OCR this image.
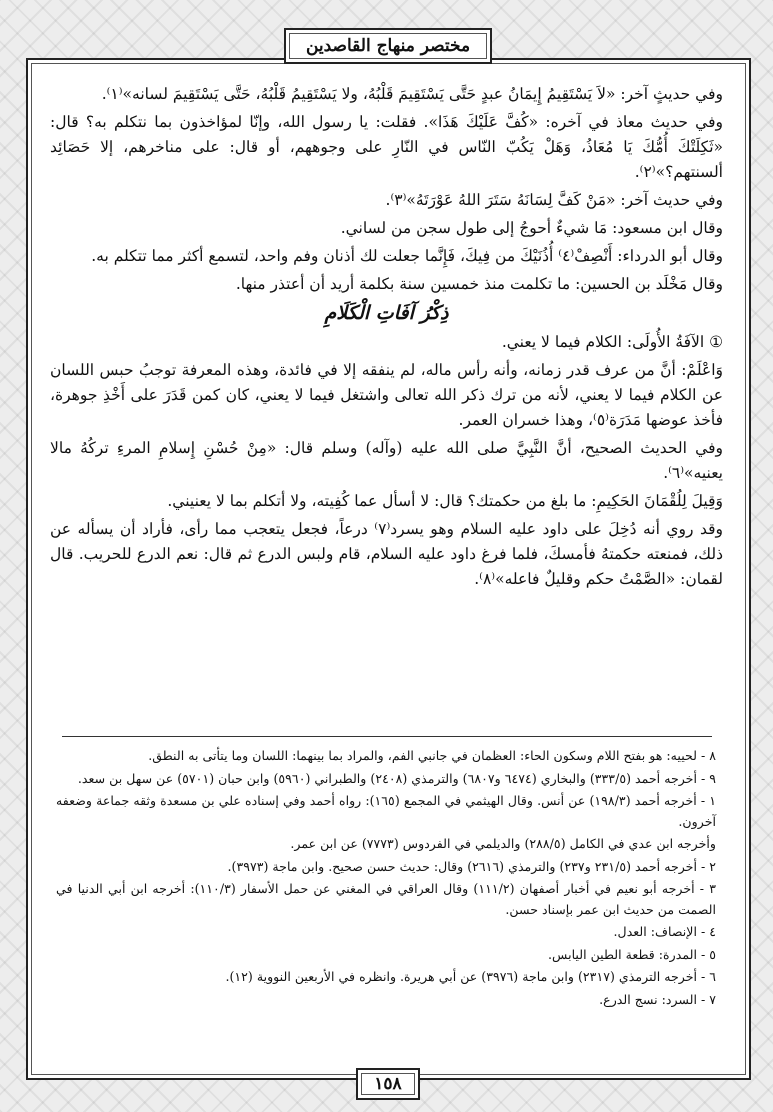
مختصر منهاج القاصدين

وفي حديثٍ آخر: «لاَ يَسْتَقِيمُ إِيمَانُ عبدٍ حَتَّى يَسْتَقِيمَ قَلْبُهُ، ولا يَسْتَقِيمُ قَلْبُهُ، حَتَّى يَسْتَقِيمَ لسانه»⁽١⁾.

وفي حديث معاذ في آخره: «كُفَّ عَلَيْكَ هَذَا». فقلت: يا رسول الله، وإنّا لمؤاخذون بما نتكلم به؟ قال: «ثَكِلَتْكَ أُمُّكَ يَا مُعَاذُ، وَهَلْ يَكُبّ النّاس في النّارِ على وجوههم، أو قال: على مناخرهم، إلا حَصَائِد ألسنتهم؟»⁽٢⁾.

وفي حديث آخر: «مَنْ كَفَّ لِسَانَهُ سَتَرَ اللهُ عَوْرَتَهُ»⁽٣⁾.

وقال ابن مسعود: مَا شيءٌ أحوجُ إلى طول سجن من لساني.

وقال أبو الدرداء: أَنْصِفْ⁽٤⁾ أُذُنَيْكَ من فِيكَ، فَإِنَّما جعلت لك أذنان وفم واحد، لتسمع أكثر مما تتكلم به.

وقال مَخْلَد بن الحسين: ما تكلمت منذ خمسين سنة بكلمة أريد أن أعتذر منها.

ذِكْرُ آفَاتِ الْكَلَامِ

① الآفَةُ الأُولَى: الكلام فيما لا يعني.

وَاعْلَمْ: أنَّ من عرف قدر زمانه، وأنه رأس ماله، لم ينفقه إلا في فائدة، وهذه المعرفة توجبُ حبس اللسان عن الكلام فيما لا يعني، لأنه من ترك ذكر الله تعالى واشتغل فيما لا يعني، كان كمن قَدَرَ على أَخْذِ جوهرة، فأخذ عوضها مَدَرَة⁽٥⁾، وهذا خسران العمر.

وفي الحديث الصحيح، أنَّ النَّبِيَّ صلى الله عليه (وآله) وسلم قال: «مِنْ حُسْنِ إِسلامِ المرءِ تركُهُ مالا يعنيه»⁽٦⁾.

وَقِيلَ لِلُقْمَانَ الحَكِيمِ: ما بلغ من حكمتك؟ قال: لا أسأل عما كُفِيته، ولا أتكلم بما لا يعنيني.

وقد روي أنه دُخِلَ على داود عليه السلام وهو يسرد⁽٧⁾ درعاً، فجعل يتعجب مما رأى، فأراد أن يسأله عن ذلك، فمنعته حكمتهُ فأمسكَ، فلما فرغ داود عليه السلام، قام ولبس الدرع ثم قال: نعم الدرع للحريب. قال لقمان: «الصَّمْتُ حكم وقليلٌ فاعله»⁽٨⁾.

٨ - لحييه: هو بفتح اللام وسكون الحاء: العظمان في جانبي الفم، والمراد بما بينهما: اللسان وما يتأتى به النطق.

٩ - أخرجه أحمد (٣٣٣/٥) والبخاري (٦٤٧٤ و٦٨٠٧) والترمذي (٢٤٠٨) والطبراني (٥٩٦٠) وابن حبان (٥٧٠١) عن سهل بن سعد.

١ - أخرجه أحمد (١٩٨/٣) عن أنس. وقال الهيثمي في المجمع (١٦٥): رواه أحمد وفي إسناده علي بن مسعدة وثقه جماعة وضعفه آخرون.

وأخرجه ابن عدي في الكامل (٢٨٨/٥) والديلمي في الفردوس (٧٧٧٣) عن ابن عمر.

٢ - أخرجه أحمد (٢٣١/٥ و٢٣٧) والترمذي (٢٦١٦) وقال: حديث حسن صحيح. وابن ماجة (٣٩٧٣).

٣ - أخرجه أبو نعيم في أخبار أصفهان (١١١/٢) وقال العراقي في المغني عن حمل الأسفار (١١٠/٣): أخرجه ابن أبي الدنيا في الصمت من حديث ابن عمر بإسناد حسن.

٤ - الإنصاف: العدل.

٥ - المدرة: قطعة الطين اليابس.

٦ - أخرجه الترمذي (٢٣١٧) وابن ماجة (٣٩٧٦) عن أبي هريرة. وانظره في الأربعين النووية (١٢).

٧ - السرد: نسج الدرع.

١٥٨
